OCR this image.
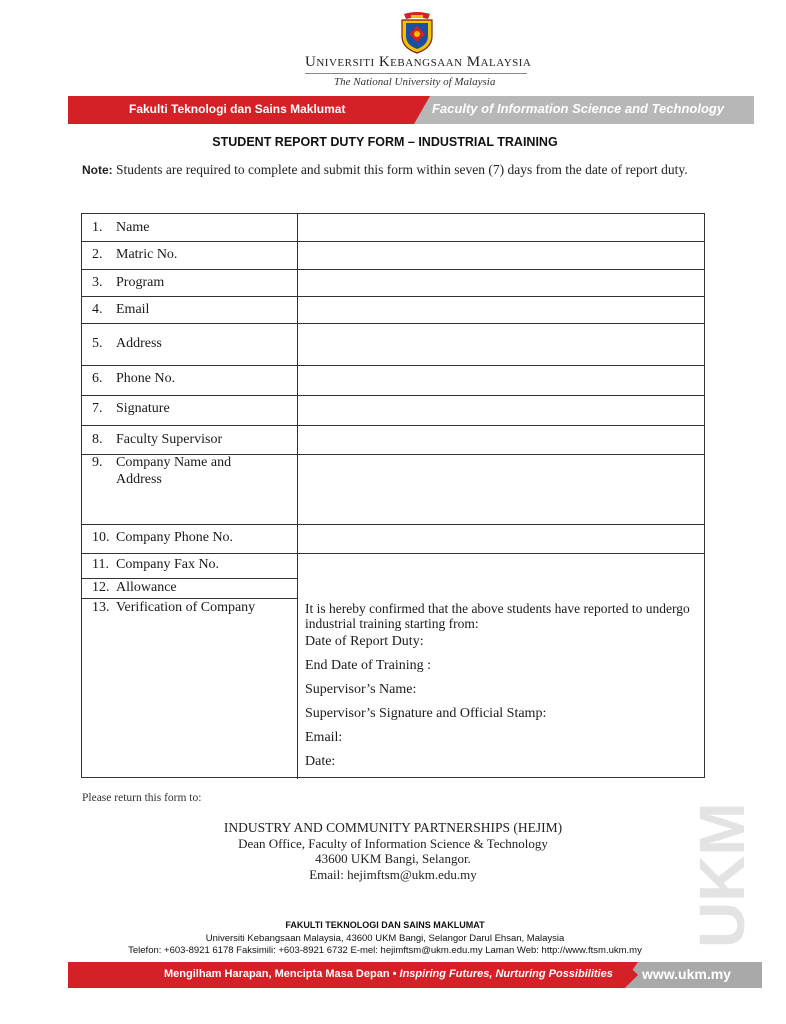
Universiti Kebangsaan Malaysia
The National University of Malaysia
Fakulti Teknologi dan Sains Maklumat	Faculty of Information Science and Technology
STUDENT REPORT DUTY FORM – INDUSTRIAL TRAINING
Note: Students are required to complete and submit this form within seven (7) days from the date of report duty.
1. Name
2. Matric No.
3. Program
4. Email
5. Address
6. Phone No.
7. Signature
8. Faculty Supervisor
9. Company Name and
Address
10. Company Phone No.
11. Company Fax No.
12. Allowance
13. Verification of Company	It is hereby confirmed that the above students have reported to undergo industrial training starting from:
Date of Report Duty:
End Date of Training :
Supervisor’s Name:
Supervisor’s Signature and Official Stamp:
Email:
Date:
Please return this form to:
INDUSTRY AND COMMUNITY PARTNERSHIPS (HEJIM)
Dean Office, Faculty of Information Science & Technology
43600 UKM Bangi, Selangor.
Email: hejimftsm@ukm.edu.my	UKM
FAKULTI TEKNOLOGI DAN SAINS MAKLUMAT
Universiti Kebangsaan Malaysia, 43600 UKM Bangi, Selangor Darul Ehsan, Malaysia
Telefon: +603-8921 6178 Faksimili: +603-8921 6732 E-mel: hejimftsm@ukm.edu.my Laman Web: http://www.ftsm.ukm.my
Mengilham Harapan, Mencipta Masa Depan • Inspiring Futures, Nurturing Possibilities www.ukm.my
